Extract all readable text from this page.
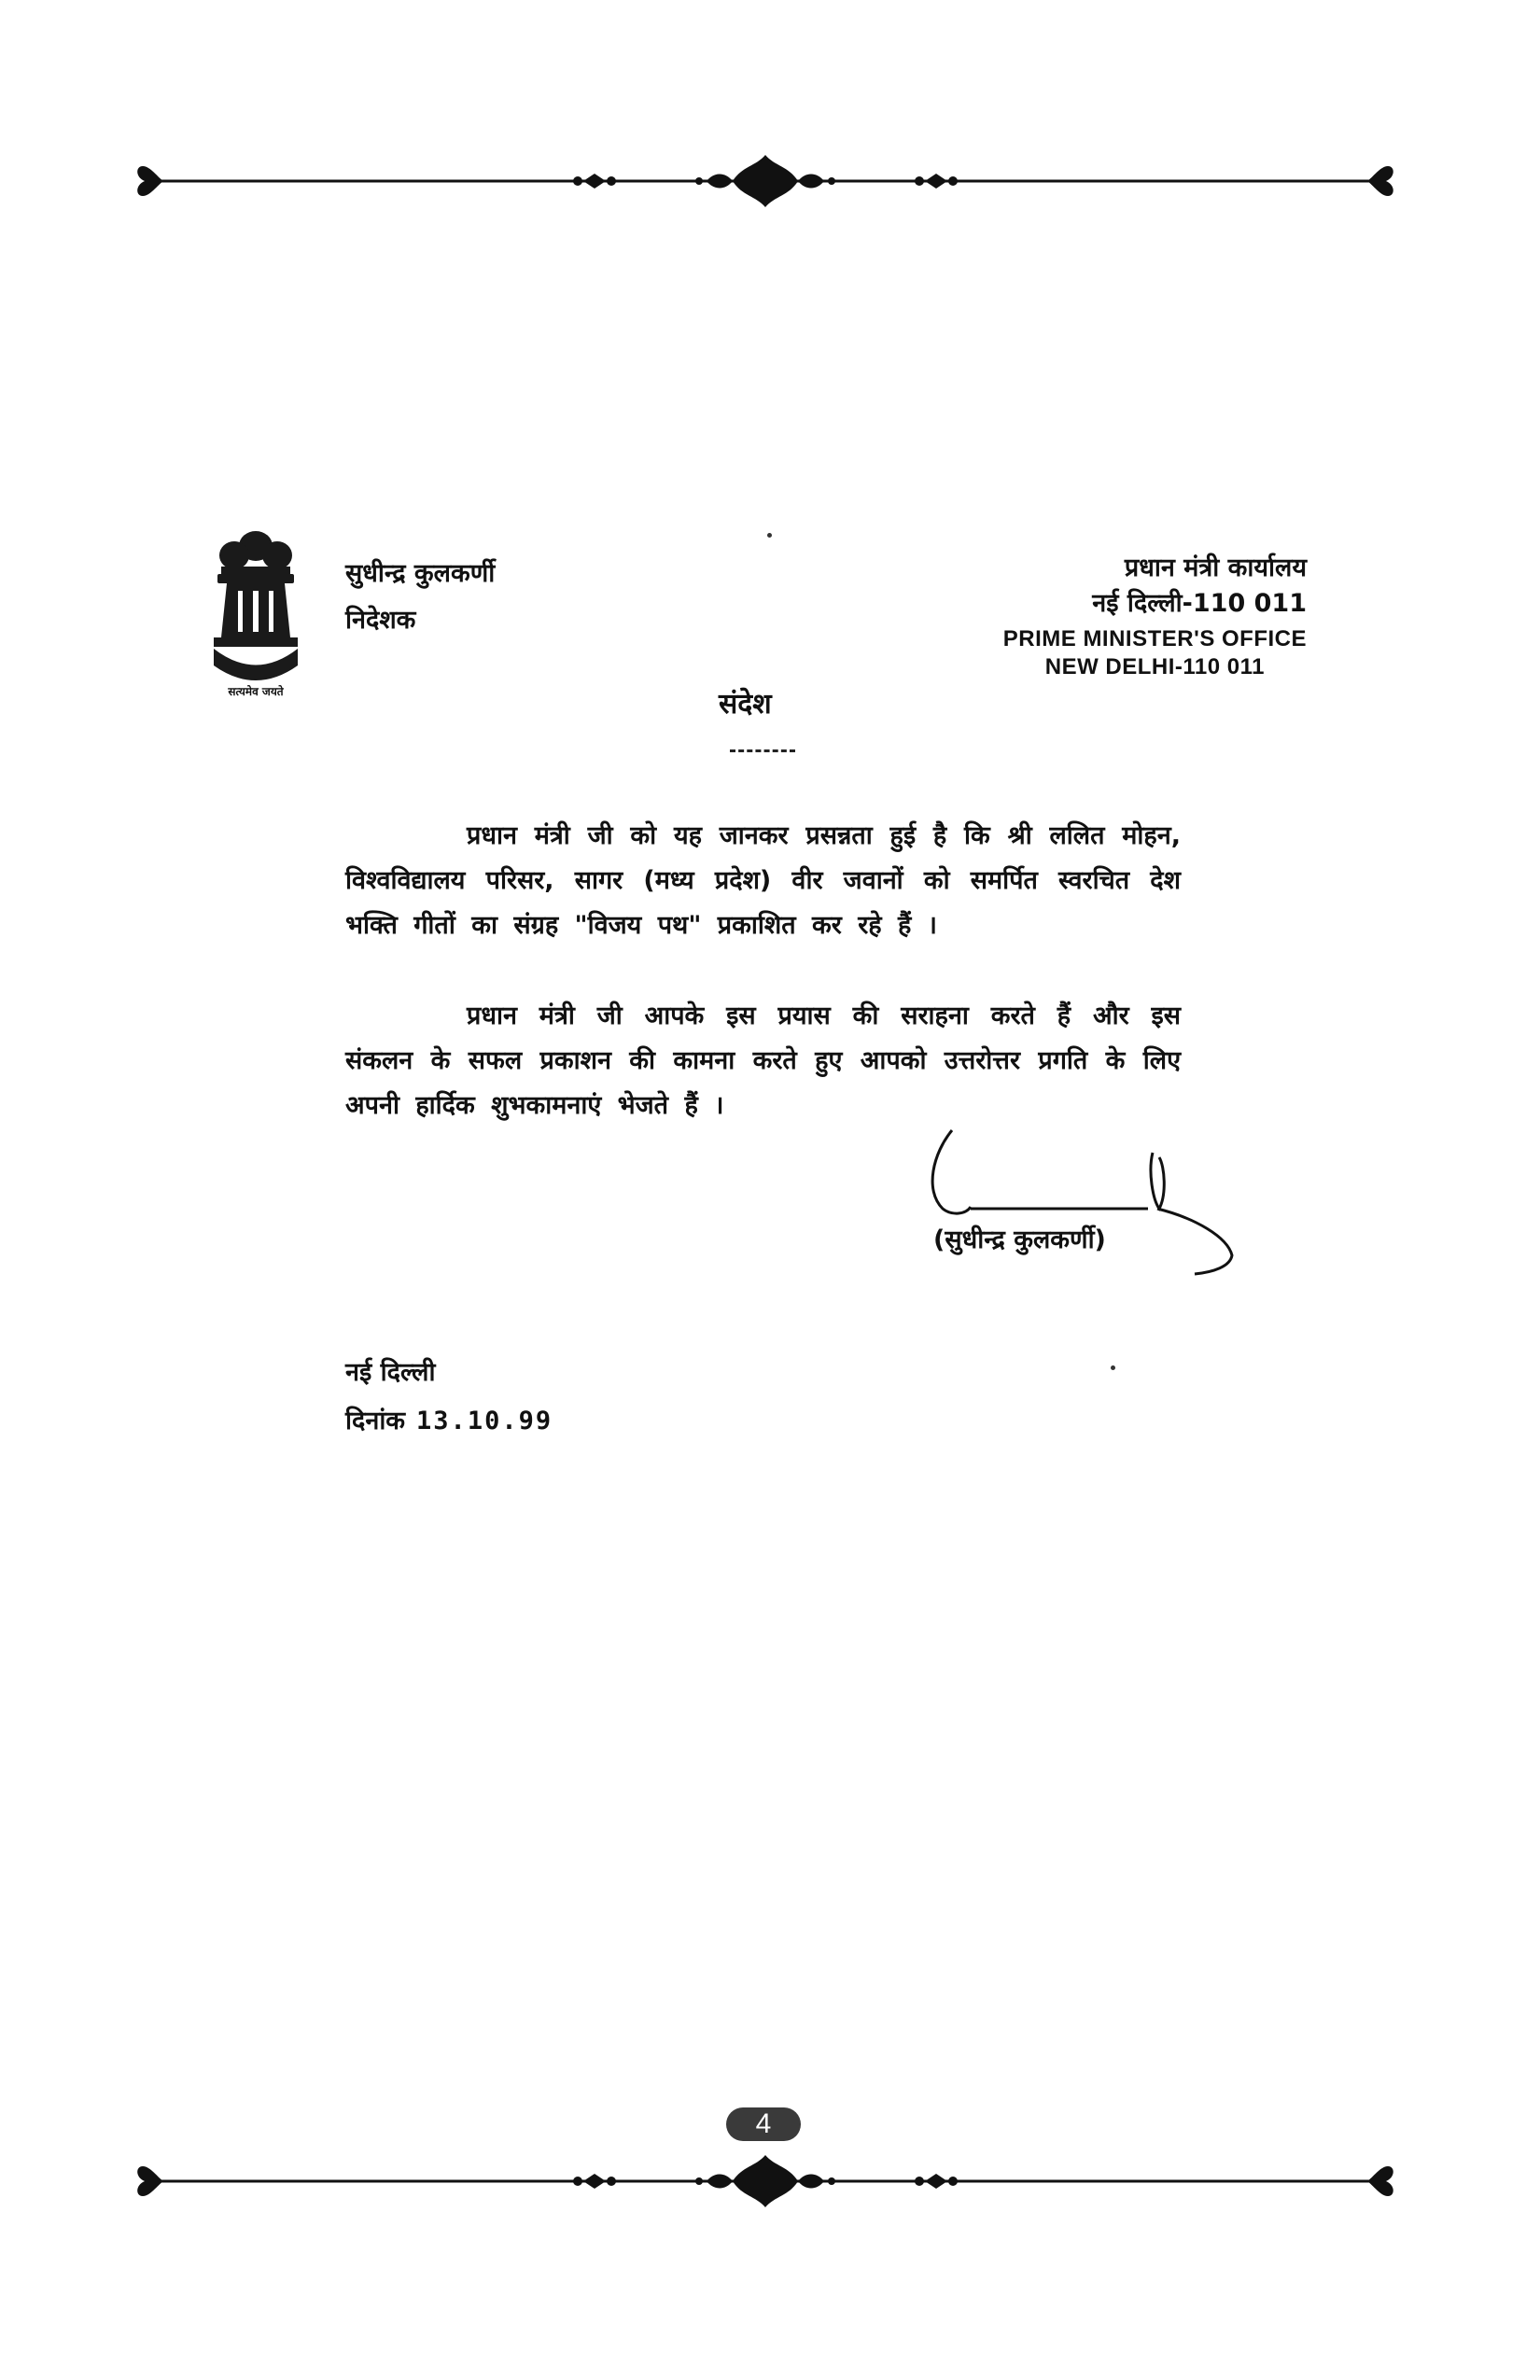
सत्यमेव जयते
सुधीन्द्र कुलकर्णी
निदेशक
प्रधान मंत्री कार्यालय
नई दिल्ली-110 011
PRIME MINISTER'S OFFICE
NEW DELHI-110 011
संदेश

प्रधान मंत्री जी को यह जानकर प्रसन्नता हुई है कि श्री ललित मोहन, विश्वविद्यालय परिसर, सागर (मध्य प्रदेश) वीर जवानों को समर्पित स्वरचित देश भक्ति गीतों का संग्रह "विजय पथ" प्रकाशित कर रहे हैं ।

प्रधान मंत्री जी आपके इस प्रयास की सराहना करते हैं और इस संकलन के सफल प्रकाशन की कामना करते हुए आपको उत्तरोत्तर प्रगति के लिए अपनी हार्दिक शुभकामनाएं भेजते हैं ।

(सुधीन्द्र कुलकर्णी)
नई दिल्ली
दिनांक 13.10.99
4
